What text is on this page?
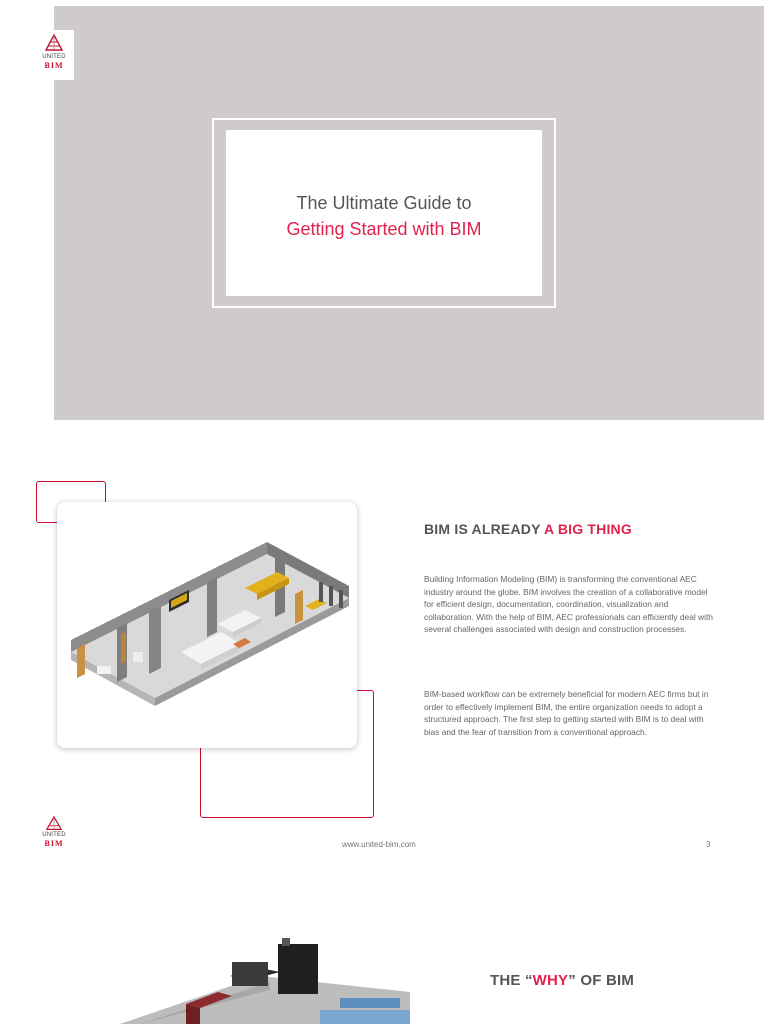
UNITED
BIM
The Ultimate Guide to
Getting Started with BIM
BIM IS ALREADY A BIG THING
Building Information Modeling (BIM) is transforming the conventional AEC industry around the globe. BIM involves the creation of a collaborative model for efficient design, documentation, coordination, visualization and collaboration. With the help of BIM, AEC professionals can efficiently deal with several challenges associated with design and construction processes.
BIM-based workflow can be extremely beneficial for modern AEC firms but in order to effectively implement BIM, the entire organization needs to adopt a structured approach. The first step to getting started with BIM is to deal with bias and the fear of transition from a conventional approach.
UNITED
BIM	www.united-bim.com	3
THE “WHY” OF BIM
